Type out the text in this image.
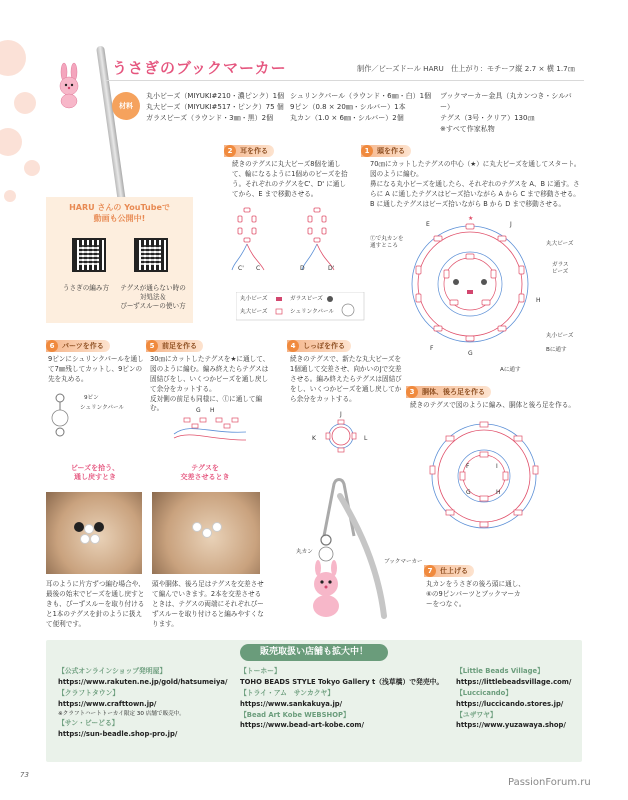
うさぎのブックマーカー	制作／ビーズドール HARU　仕上がり：モチーフ縦 2.7 × 横 1.7㎝
材料
丸小ビーズ（MIYUKI#210・濃ピンク）1個
丸大ビーズ（MIYUKI#517・ピンク）75 個
ガラスビーズ（ラウンド・3㎜・黒）2個
シュリンクパール（ラウンド・6㎜・白）1個
9ピン（0.8 × 20㎜・シルバー）1本
丸カン（1.0 × 6㎜・シルバー）2個
ブックマーカー金具（丸カンつき・シルバー）
テグス（3号・クリア）130㎝
※すべて作家私物
HARU さんの YouTubeで
動画も公開中!
うさぎの編み方	テグスが通らない時の
対処法＆
ぴーずスルーの使い方
2	耳を作る
続きのテグスに丸大ビーズ8個を通して、輪になるように1個めのビーズを拾う。それぞれのテグスをC'、D' に通してから、E まで移動させる。
1	頭を作る
70㎝にカットしたテグスの中心（★）に丸大ビーズを通してスタート。図のように編む。
鼻になる丸小ビーズを通したら、それぞれのテグスを A、B に通す。さらに A に通したテグスはビーズ拾いながら A から C まで移動させる。B に通したテグスはビーズ拾いながら B から D まで移動させる。
C' C	D	D'
丸小ビーズ
丸大ビーズ
ガラスビーズ
シュリンクパール
★
E	J
F
G
H
Ⓣで丸カンを
通すところ	丸大ビーズ
ガラス
ビーズ
丸小ビーズ
Bに通す
Aに通す
6	パーツを作る
9ピンにシュリンクパールを通して7㎜残してカットし、9ピンの先を丸める。
9ピン
シュリンクパール
5	前足を作る
30㎝にカットしたテグスを★に通して、図のように編む。編み終えたらテグスは固結びをし、いくつかビーズを通し戻して余分をカットする。
反対側の前足も同様に、Ⓘに通して編む。	G H
4	しっぽを作る
続きのテグスで、新たな丸大ビーズを1個通して交差させ、向かいのJで交差させる。編み終えたらテグスは固結びをし、いくつかビーズを通し戻してから余分をカットする。
J
K	L
3	胴体、後ろ足を作る
続きのテグスで図のように編み、胴体と後ろ足を作る。
F	I
G	H
ビーズを拾う、
通し戻すとき
テグスを
交差させるとき
耳のように片方ずつ編む場合や、最後の始末でビーズを通し戻すときも、ぴーずスルーを取り付けると1本のテグスを針のように扱えて便利です。
頭や胴体、後ろ足はテグスを交差させて編んでいきます。2本を交差させるときは、テグスの両端にそれぞれぴーずスルーを取り付けると編みやすくなります。
丸カン
ブックマーカー
7	仕上げる
丸カンをうさぎの後ろ頭に通し、⑥の9ピンパーツとブックマーカーをつなぐ。
販売取扱い店舗も拡大中！
【公式オンラインショップ発明屋】
https://www.rakuten.ne.jp/gold/hatsumeiya/
【クラフトタウン】
https://www.crafttown.jp/
※クラフトハートトーカイ限定 30 店舗で販売中。
【サン・ビーどる】
https://sun-beadle.shop-pro.jp/
【トーホー】
TOHO BEADS STYLE Tokyo Gallery t（浅草橋）で発売中。
【トライ・アム　サンカクヤ】
https://www.sankakuya.jp/
【Bead Art Kobe WEBSHOP】
https://www.bead-art-kobe.com/
【Little Beads Village】
https://littlebeadsvillage.com/
【Luccicando】
https://luccicando.stores.jp/
【ユザワヤ】
https://www.yuzawaya.shop/
73
PassionForum.ru
